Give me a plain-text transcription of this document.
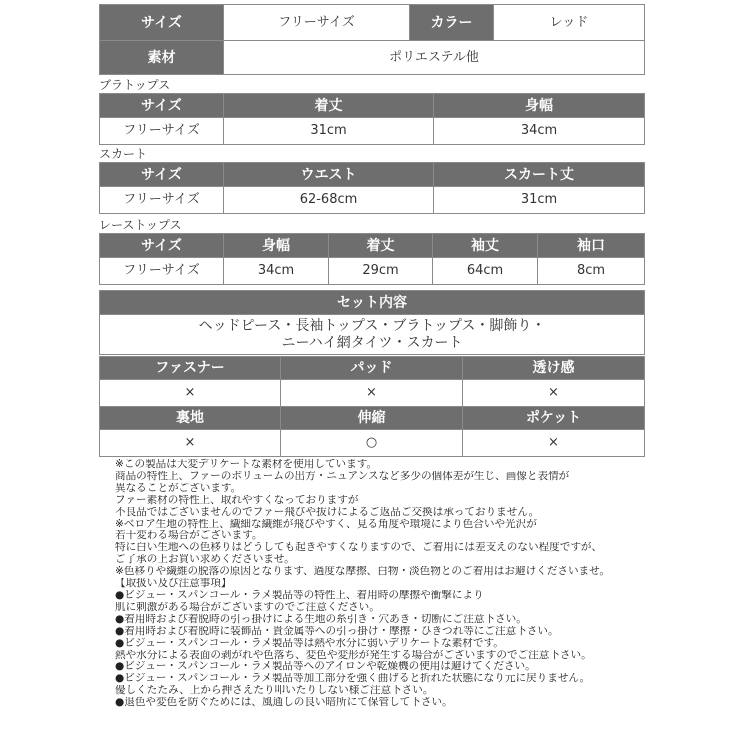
サイズ	フリーサイズ	カラー	レッド
素材	ポリエステル他		
ブラトップス
サイズ	着丈	身幅
フリーサイズ	31cm	34cm
スカート
サイズ	ウエスト	スカート丈
フリーサイズ	62-68cm	31cm
レーストップス
サイズ	身幅	着丈	袖丈	袖口
フリーサイズ	34cm	29cm	64cm	8cm
セット内容

ヘッドピース・長袖トップス・ブラトップス・脚飾り・
ニーハイ網タイツ・スカート
ファスナー	パッド	透け感
×	×	×
裏地	伸縮	ポケット
×	○	×
※この製品は大変デリケートな素材を使用しています。
商品の特性上、ファーのボリュームの出方・ニュアンスなど多少の個体差が生じ、画像と表情が
異なることがございます。
ファー素材の特性上、取れやすくなっておりますが
不良品ではございませんのでファー飛びや抜けによるご返品ご交換は承っておりません。
※ベロア生地の特性上、繊細な繊維が飛びやすく、見る角度や環境により色合いや光沢が
若干変わる場合がございます。
特に白い生地への色移りはどうしても起きやすくなりますので、ご着用には差支えのない程度ですが、
ご了承の上お買い求めくださいませ。
※色移りや繊維の脱落の原因となります、過度な摩擦、白物・淡色物とのご着用はお避けくださいませ。
【取扱い及び注意事項】
●ビジュー・スパンコール・ラメ製品等の特性上、着用時の摩擦や衝撃により
肌に刺激がある場合がございますのでご注意ください。
●着用時および着脱時の引っ掛けによる生地の糸引き・穴あき・切断にご注意下さい。
●着用時および着脱時に装飾品・貴金属等への引っ掛け・摩擦・ひきつれ等にご注意下さい。
●ビジュー・スパンコール・ラメ製品等は熱や水分に弱いデリケートな素材です。
熱や水分による表面の剥がれや色落ち、変色や変形が発生する場合がございますのでご注意下さい。
●ビジュー・スパンコール・ラメ製品等へのアイロンや乾燥機の使用は避けてください。
●ビジュー・スパンコール・ラメ製品等加工部分を強く曲げると折れた状態になり元に戻りません。
優しくたたみ、上から押さえたり叩いたりしない様ご注意下さい。
●退色や変色を防ぐためには、風通しの良い暗所にて保管して下さい。
